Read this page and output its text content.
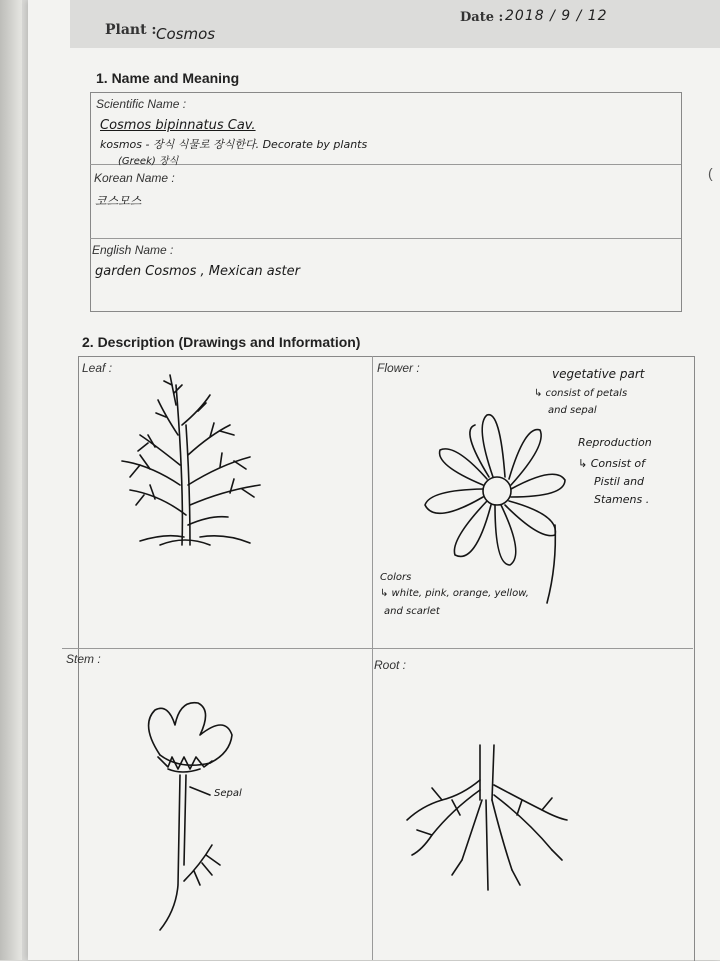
Plant : Cosmos
Date : 2018 / 9 / 12
(
1. Name and Meaning
Scientific Name :
Cosmos bipinnatus Cav.
kosmos - 장식 식물로 장식한다. Decorate by plants
(Greek) 장식
Korean Name :
코스모스
English Name :
garden Cosmos , Mexican aster
2. Description (Drawings and Information)
Leaf :	Flower :
Stem :	Root :
vegetative part
↳ consist of petals
and sepal
Reproduction
↳ Consist of
Pistil and
Stamens .
Colors
↳ white, pink, orange, yellow,
and scarlet
Sepal
